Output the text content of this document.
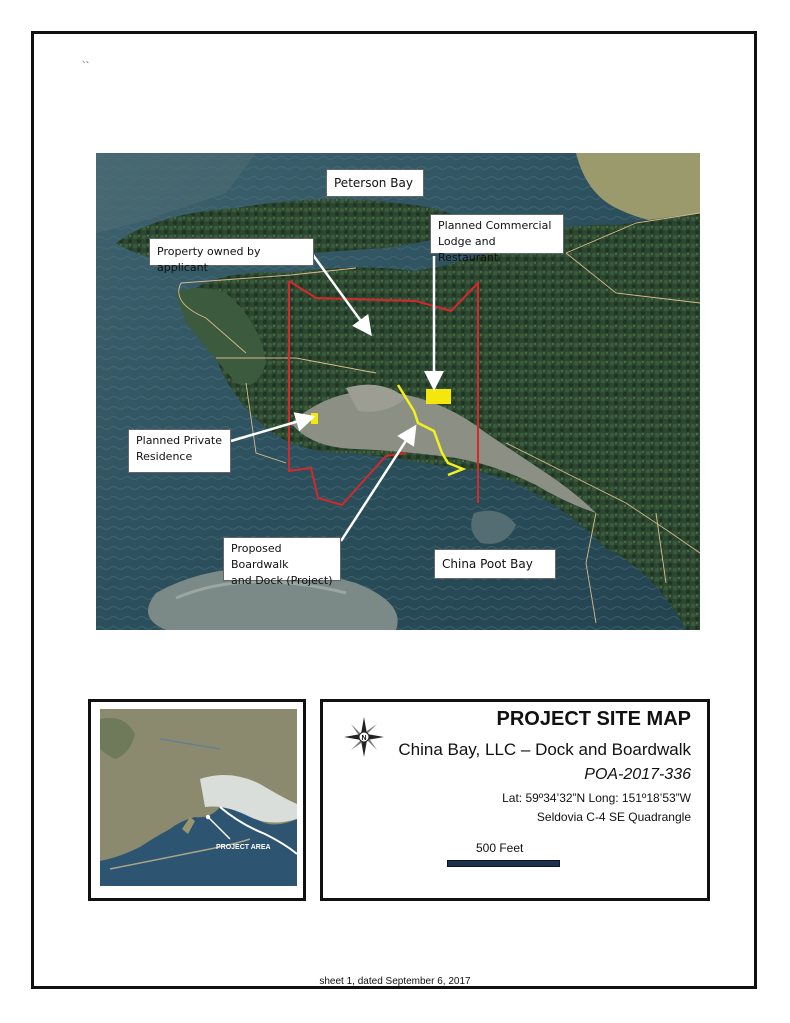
``
Peterson Bay
Property owned by applicant
Planned Commercial
Lodge and Restaurant
Planned Private
Residence
Proposed Boardwalk
and Dock (Project)
China Poot Bay
PROJECT AREA
N
PROJECT SITE MAP
China Bay, LLC – Dock and Boardwalk
POA-2017-336
Lat: 59º34’32”N Long: 151º18’53”W
Seldovia C-4 SE Quadrangle
500 Feet
sheet 1, dated September 6, 2017
